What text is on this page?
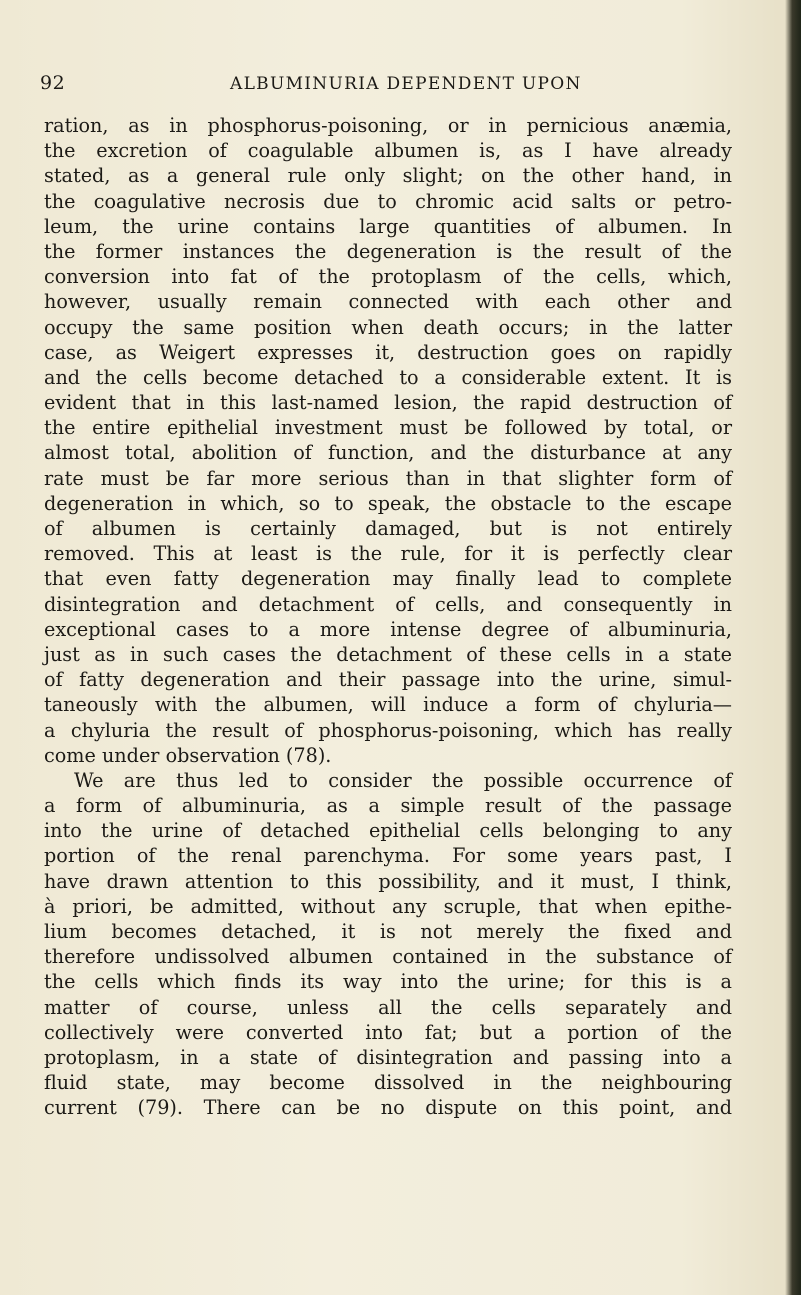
92	ALBUMINURIA DEPENDENT UPON
ration, as in phosphorus-poisoning, or in pernicious anæmia,
the excretion of coagulable albumen is, as I have already
stated, as a general rule only slight; on the other hand, in
the coagulative necrosis due to chromic acid salts or petro-
leum, the urine contains large quantities of albumen. In
the former instances the degeneration is the result of the
conversion into fat of the protoplasm of the cells, which,
however, usually remain connected with each other and
occupy the same position when death occurs; in the latter
case, as Weigert expresses it, destruction goes on rapidly
and the cells become detached to a considerable extent. It is
evident that in this last-named lesion, the rapid destruction of
the entire epithelial investment must be followed by total, or
almost total, abolition of function, and the disturbance at any
rate must be far more serious than in that slighter form of
degeneration in which, so to speak, the obstacle to the escape
of albumen is certainly damaged, but is not entirely
removed. This at least is the rule, for it is perfectly clear
that even fatty degeneration may finally lead to complete
disintegration and detachment of cells, and consequently in
exceptional cases to a more intense degree of albuminuria,
just as in such cases the detachment of these cells in a state
of fatty degeneration and their passage into the urine, simul-
taneously with the albumen, will induce a form of chyluria—
a chyluria the result of phosphorus-poisoning, which has really
come under observation (78).
We are thus led to consider the possible occurrence of
a form of albuminuria, as a simple result of the passage
into the urine of detached epithelial cells belonging to any
portion of the renal parenchyma. For some years past, I
have drawn attention to this possibility, and it must, I think,
à priori, be admitted, without any scruple, that when epithe-
lium becomes detached, it is not merely the fixed and
therefore undissolved albumen contained in the substance of
the cells which finds its way into the urine; for this is a
matter of course, unless all the cells separately and
collectively were converted into fat; but a portion of the
protoplasm, in a state of disintegration and passing into a
fluid state, may become dissolved in the neighbouring
current (79). There can be no dispute on this point, and
